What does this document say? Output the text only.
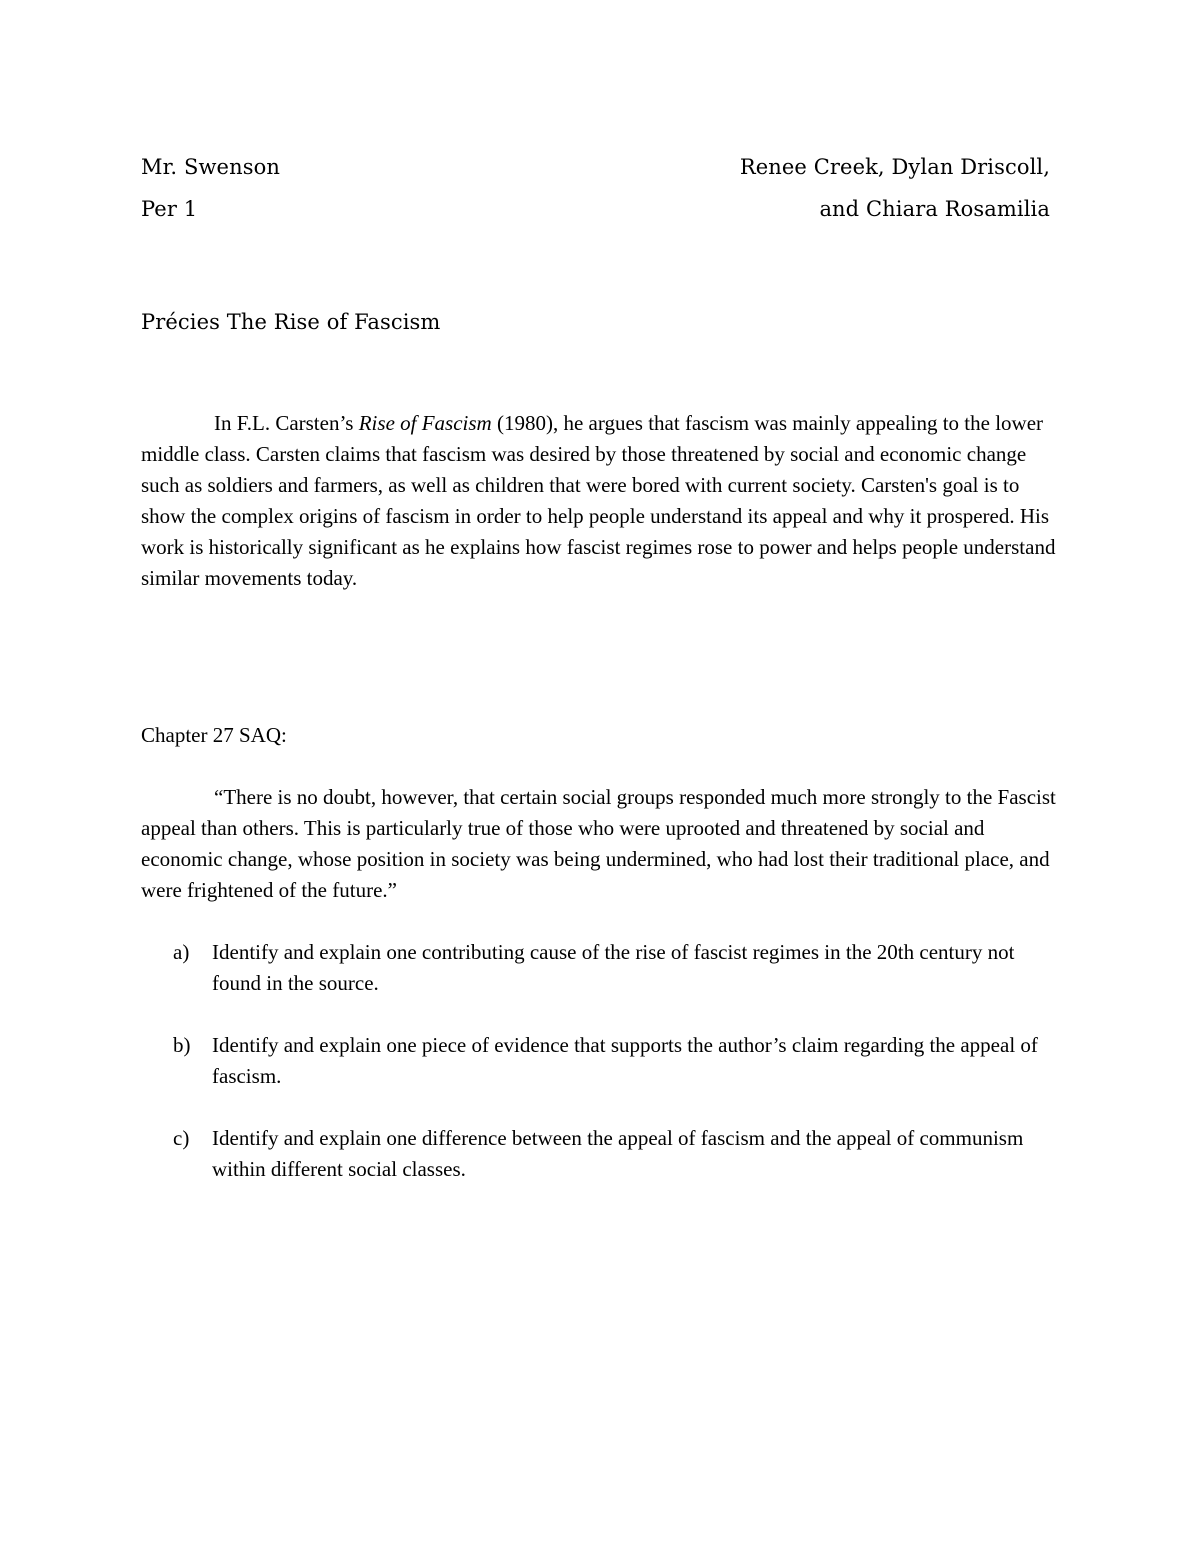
Mr. Swenson
Per 1
Renee Creek, Dylan Driscoll,
and Chiara Rosamilia
Précies The Rise of Fascism

In F.L. Carsten’s Rise of Fascism (1980), he argues that fascism was mainly appealing to the lower middle class. Carsten claims that fascism was desired by those threatened by social and economic change such as soldiers and farmers, as well as children that were bored with current society. Carsten's goal is to show the complex origins of fascism in order to help people understand its appeal and why it prospered. His work is historically significant as he explains how fascist regimes rose to power and helps people understand similar movements today.

Chapter 27 SAQ:

“There is no doubt, however, that certain social groups responded much more strongly to the Fascist appeal than others. This is particularly true of those who were uprooted and threatened by social and economic change, whose position in society was being undermined, who had lost their traditional place, and were frightened of the future.”

a) Identify and explain one contributing cause of the rise of fascist regimes in the 20th century not found in the source.
b) Identify and explain one piece of evidence that supports the author’s claim regarding the appeal of fascism.
c) Identify and explain one difference between the appeal of fascism and the appeal of communism within different social classes.
